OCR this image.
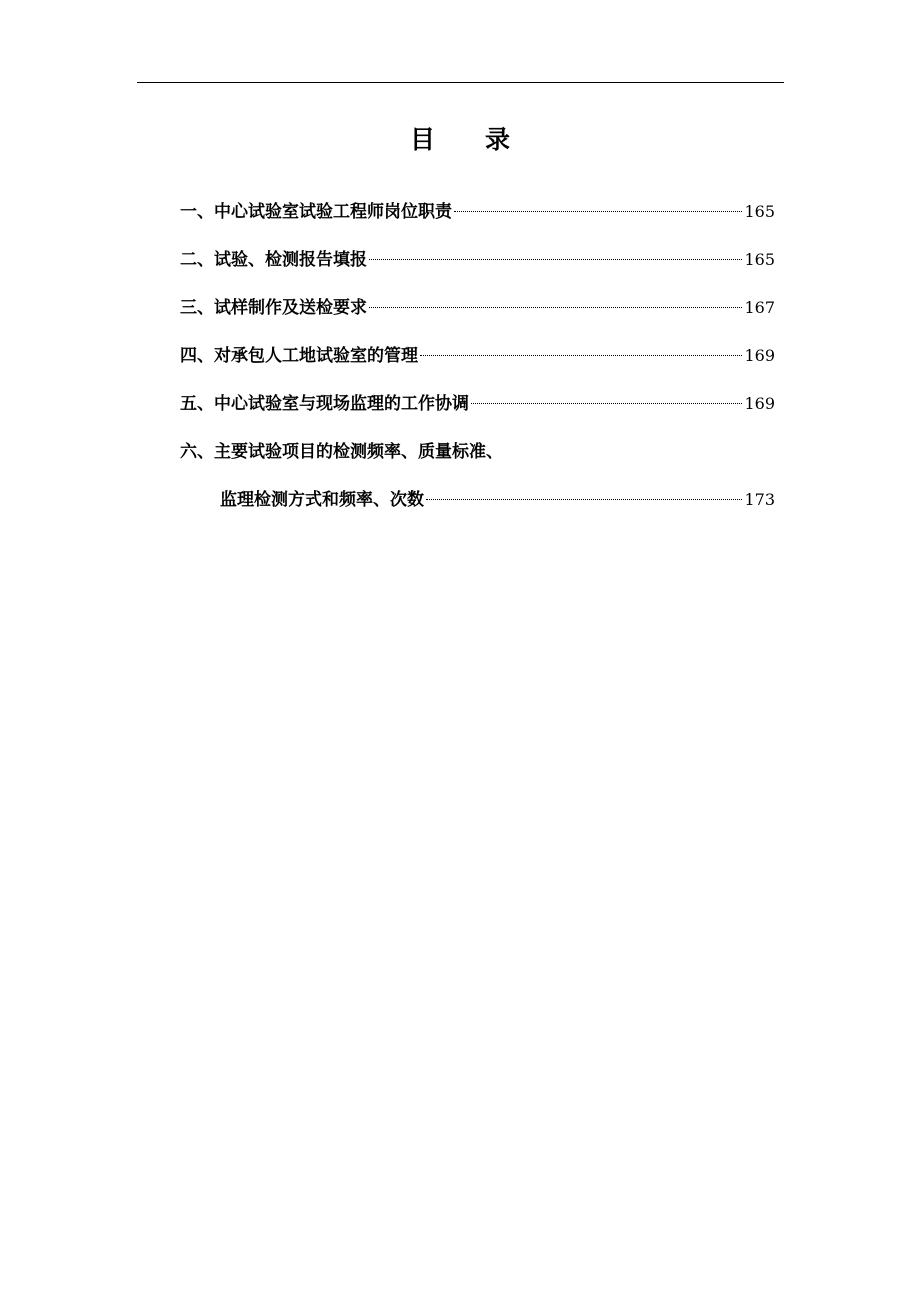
目 录
一、中心试验室试验工程师岗位职责	165
二、试验、检测报告填报	165
三、试样制作及送检要求	167
四、对承包人工地试验室的管理	169
五、中心试验室与现场监理的工作协调	169
六、主要试验项目的检测频率、质量标准、
监理检测方式和频率、次数	173
